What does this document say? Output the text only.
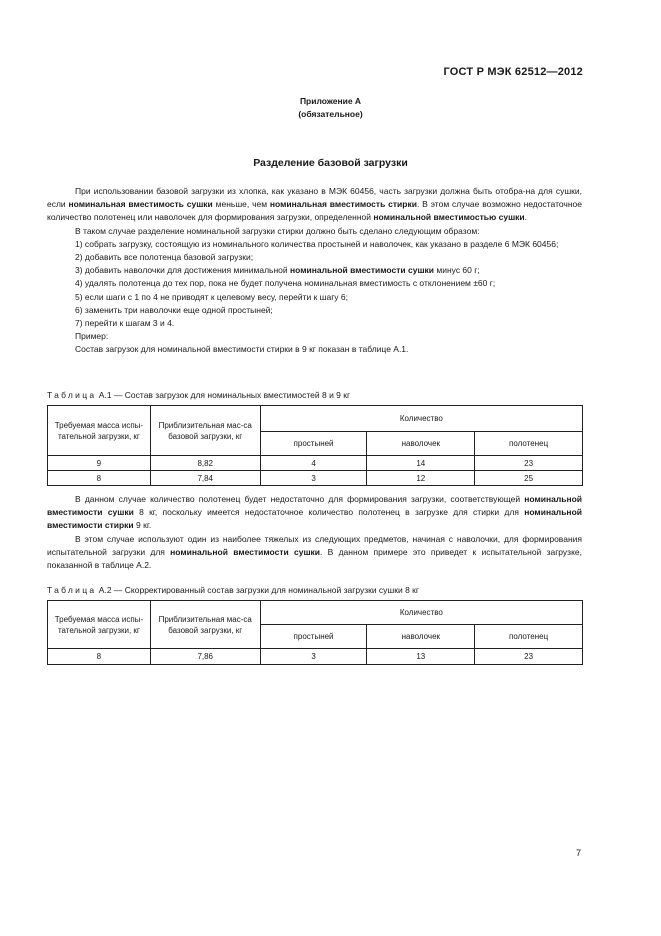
ГОСТ Р МЭК 62512—2012
Приложение А
(обязательное)
Разделение базовой загрузки

При использовании базовой загрузки из хлопка, как указано в МЭК 60456, часть загрузки должна быть отобра-на для сушки, если номинальная вместимость сушки меньше, чем номинальная вместимость стирки. В этом случае возможно недостаточное количество полотенец или наволочек для формирования загрузки, определенной номинальной вместимостью сушки.

В таком случае разделение номинальной загрузки стирки должно быть сделано следующим образом:

1) собрать загрузку, состоящую из номинального количества простыней и наволочек, как указано в разделе 6 МЭК 60456;

2) добавить все полотенца базовой загрузки;

3) добавить наволочки для достижения минимальной номинальной вместимости сушки минус 60 г;

4) удалять полотенца до тех пор, пока не будет получена номинальная вместимость с отклонением ±60 г;

5) если шаги с 1 по 4 не приводят к целевому весу, перейти к шагу 6;

6) заменить три наволочки еще одной простыней;

7) перейти к шагам 3 и 4.

Пример:

Состав загрузок для номинальной вместимости стирки в 9 кг показан в таблице А.1.

Таблица А.1 — Состав загрузок для номинальных вместимостей 8 и 9 кг
Требуемая масса испы-тательной загрузки, кг	Приблизительная мас-са базовой загрузки, кг	Количество		
		простыней	наволочек	полотенец
9	8,82	4	14	23
8	7,84	3	12	25

В данном случае количество полотенец будет недостаточно для формирования загрузки, соответствующей номинальной вместимости сушки 8 кг, поскольку имеется недостаточное количество полотенец в загрузке для стирки для номинальной вместимости стирки 9 кг.

В этом случае используют один из наиболее тяжелых из следующих предметов, начиная с наволочки, для формирования испытательной загрузки для номинальной вместимости сушки. В данном примере это приведет к испытательной загрузке, показанной в таблице А.2.

Таблица А.2 — Скорректированный состав загрузки для номинальной загрузки сушки 8 кг
Требуемая масса испы-тательной загрузки, кг	Приблизительная мас-са базовой загрузки, кг	Количество		
		простыней	наволочек	полотенец
8	7,86	3	13	23
7
